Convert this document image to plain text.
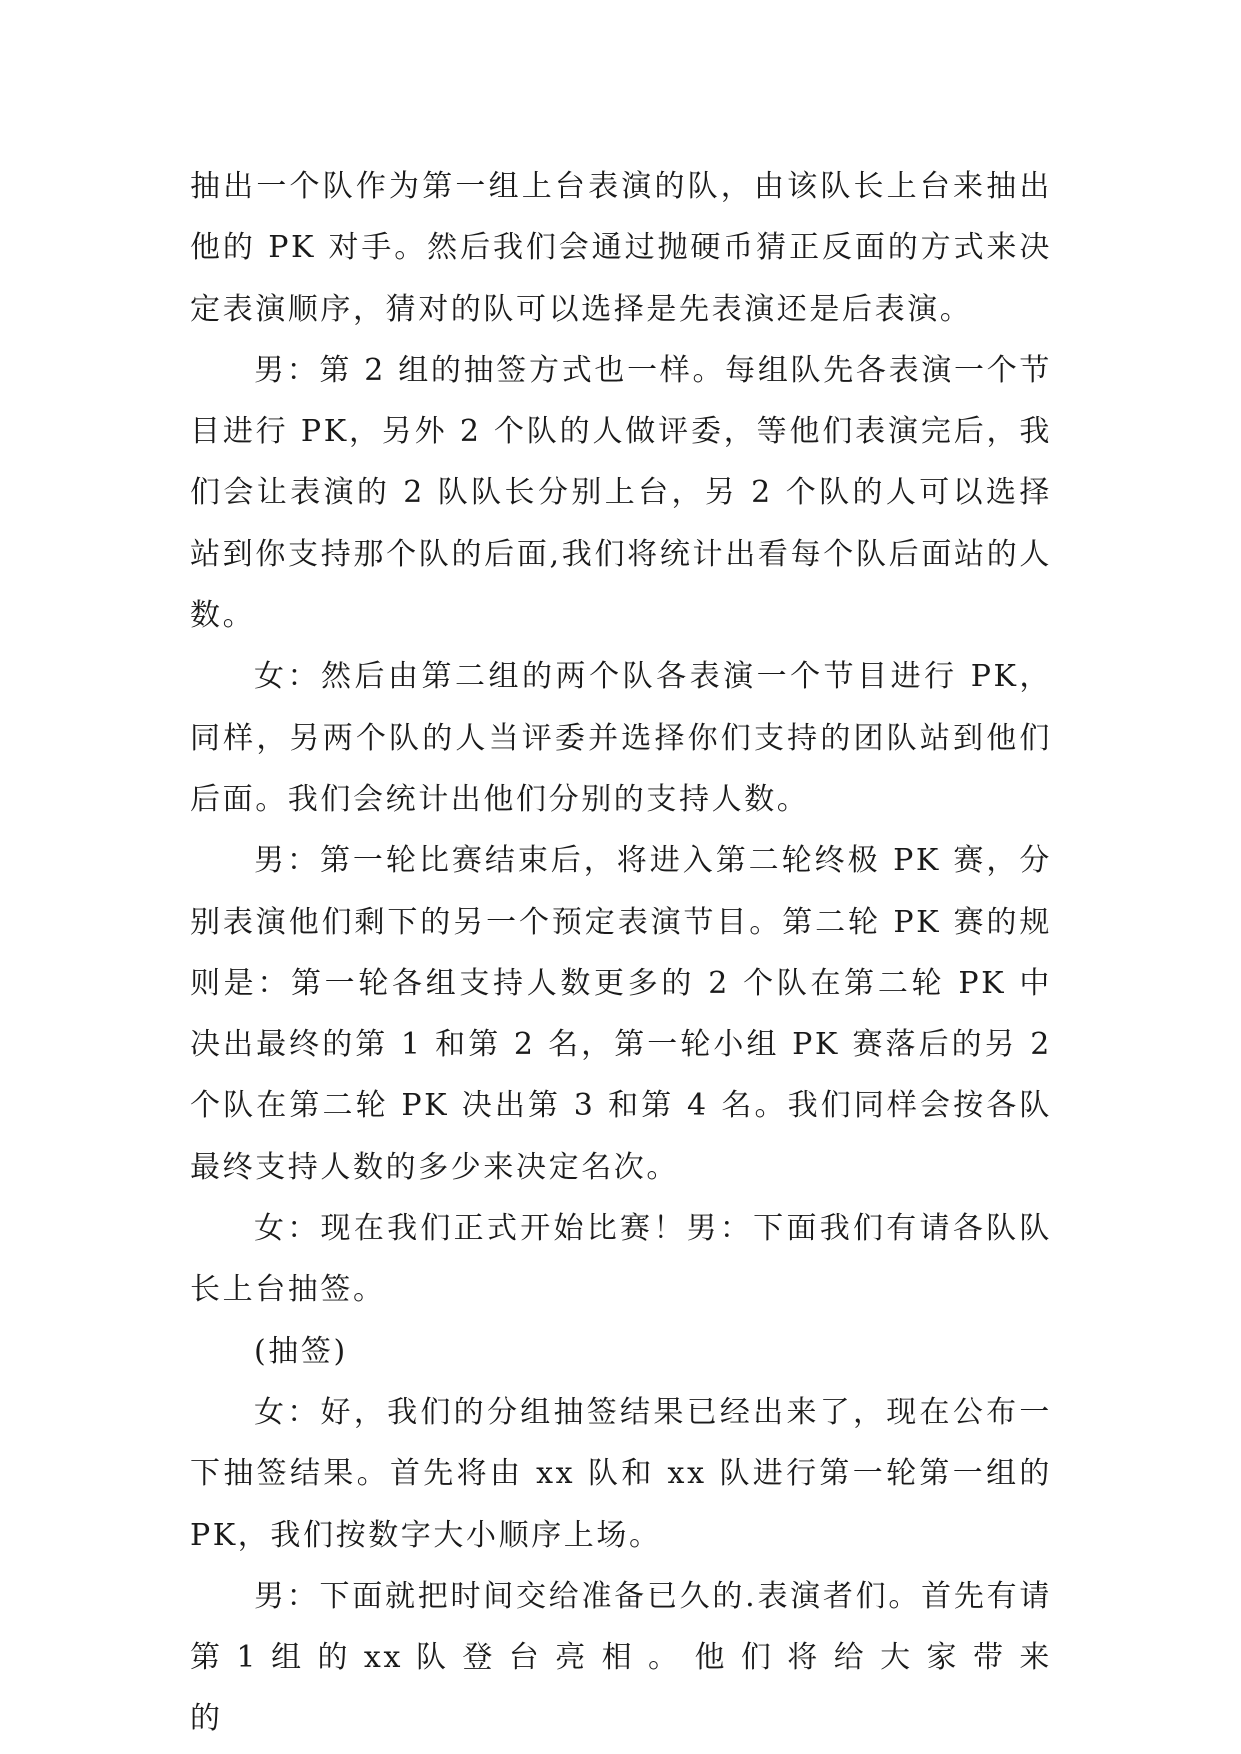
抽出一个队作为第一组上台表演的队，由该队长上台来抽出他的 PK 对手。然后我们会通过抛硬币猜正反面的方式来决定表演顺序，猜对的队可以选择是先表演还是后表演。

男：第 2 组的抽签方式也一样。每组队先各表演一个节目进行 PK，另外 2 个队的人做评委，等他们表演完后，我们会让表演的 2 队队长分别上台，另 2 个队的人可以选择站到你支持那个队的后面,我们将统计出看每个队后面站的人数。

女：然后由第二组的两个队各表演一个节目进行 PK，同样，另两个队的人当评委并选择你们支持的团队站到他们后面。我们会统计出他们分别的支持人数。

男：第一轮比赛结束后，将进入第二轮终极 PK 赛，分别表演他们剩下的另一个预定表演节目。第二轮 PK 赛的规则是：第一轮各组支持人数更多的 2 个队在第二轮 PK 中决出最终的第 1 和第 2 名，第一轮小组 PK 赛落后的另 2 个队在第二轮 PK 决出第 3 和第 4 名。我们同样会按各队最终支持人数的多少来决定名次。

女：现在我们正式开始比赛！男：下面我们有请各队队长上台抽签。

(抽签)

女：好，我们的分组抽签结果已经出来了，现在公布一下抽签结果。首先将由 xx 队和 xx 队进行第一轮第一组的 PK，我们按数字大小顺序上场。

男：下面就把时间交给准备已久的.表演者们。首先有请 第 1 组 的 xx 队 登 台 亮 相 。 他 们 将 给 大 家 带 来 的
